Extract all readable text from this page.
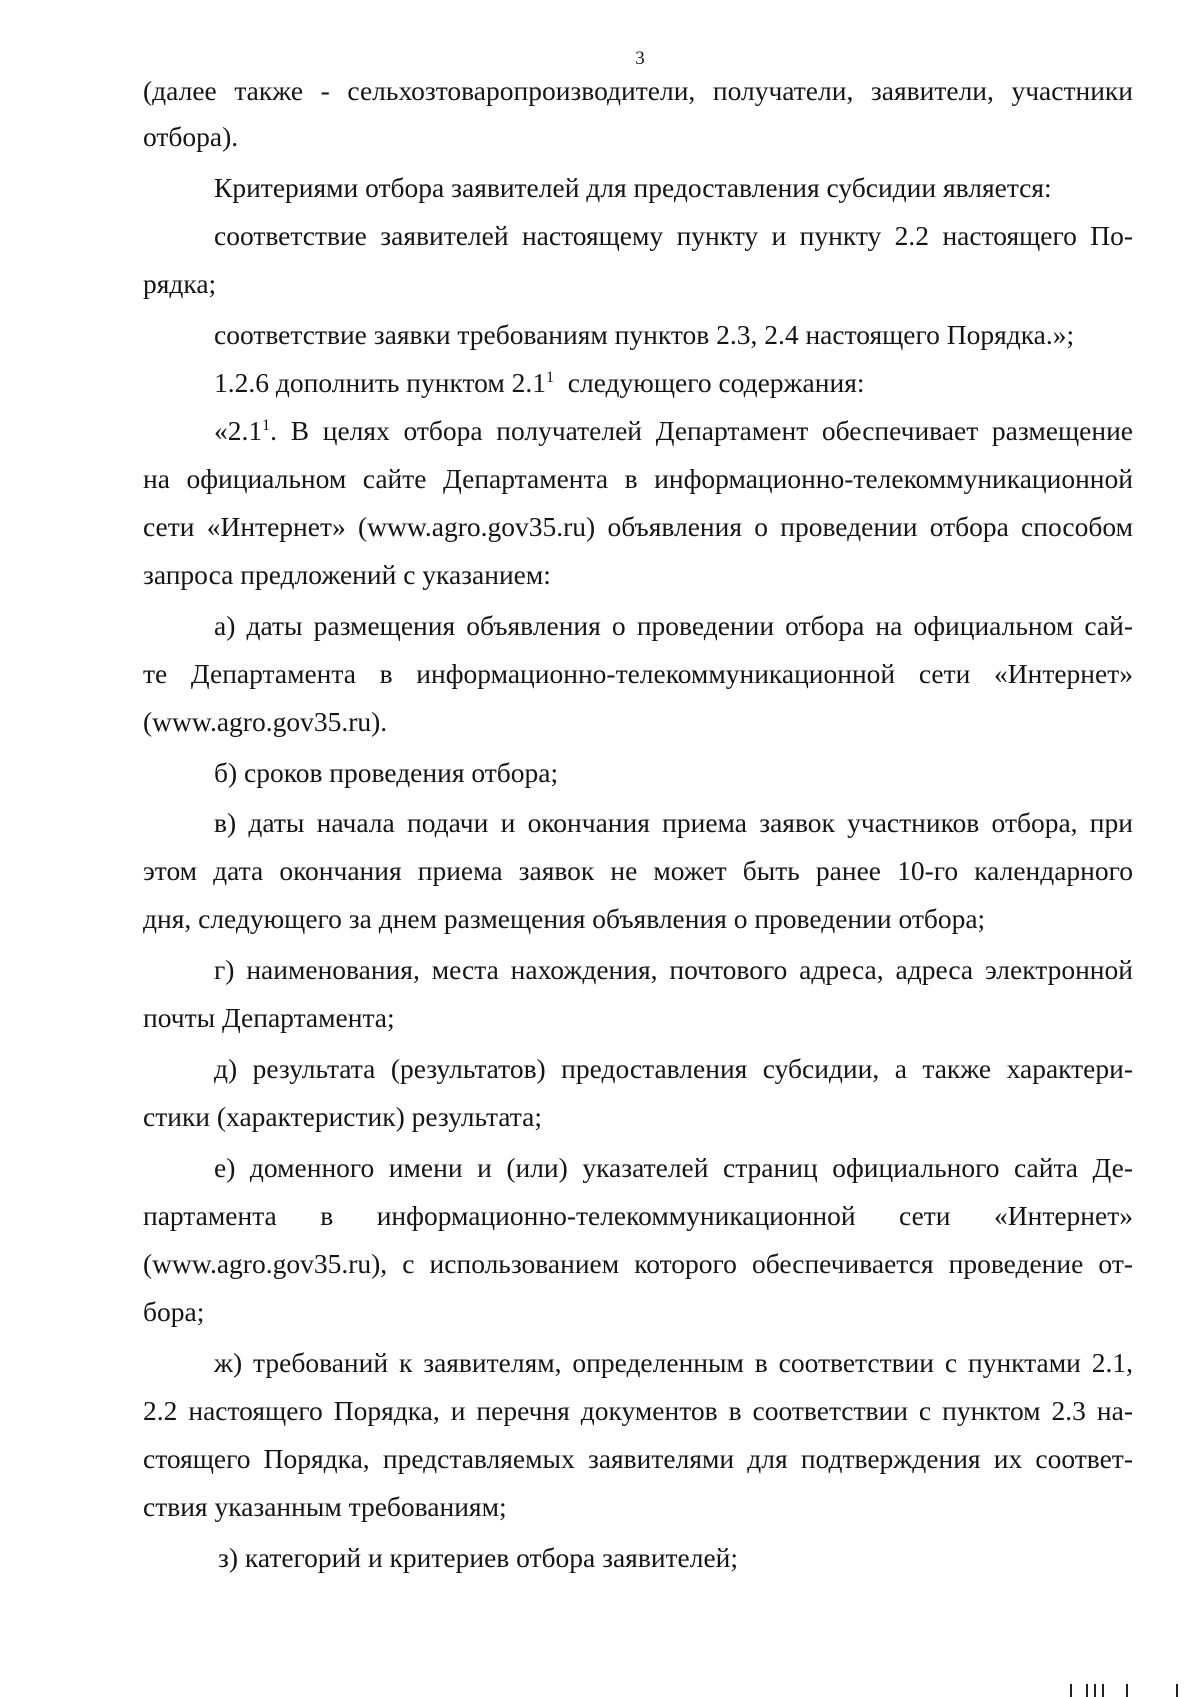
3
(далее также - сельхозтоваропроизводители, получатели, заявители, участники
отбора).
Критериями отбора заявителей для предоставления субсидии является:
соответствие заявителей настоящему пункту и пункту 2.2 настоящего По-
рядка;
соответствие заявки требованиям пунктов 2.3, 2.4 настоящего Порядка.»;
1.2.6 дополнить пунктом $2.1^1$ следующего содержания:
«$2.1^1$ . В целях отбора получателей Департамент обеспечивает размещение
на официальном сайте Департамента в информационно-телекоммуникационной
сети «Интернет» (www.agro.gov35.ru) объявления о проведении отбора способом
запроса предложений с указанием:
а) даты размещения объявления о проведении отбора на официальном сай-
те Департамента в информационно-телекоммуникационной сети «Интернет»
(www.agro.gov35.ru).
б) сроков проведения отбора;
в) даты начала подачи и окончания приема заявок участников отбора, при
этом дата окончания приема заявок не может быть ранее 10-го календарного
дня, следующего за днем размещения объявления о проведении отбора;
г) наименования, места нахождения, почтового адреса, адреса электронной
почты Департамента;
д) результата (результатов) предоставления субсидии, а также характери-
стики (характеристик) результата;
е) доменного имени и (или) указателей страниц официального сайта Де-
партамента в информационно-телекоммуникационной сети «Интернет»
(www.agro.gov35.ru), с использованием которого обеспечивается проведение от-
бора;
ж) требований к заявителям, определенным в соответствии с пунктами 2.1,
2.2 настоящего Порядка, и перечня документов в соответствии с пунктом 2.3 на-
стоящего Порядка, представляемых заявителями для подтверждения их соответ-
ствия указанным требованиям;
з) категорий и критериев отбора заявителей;
